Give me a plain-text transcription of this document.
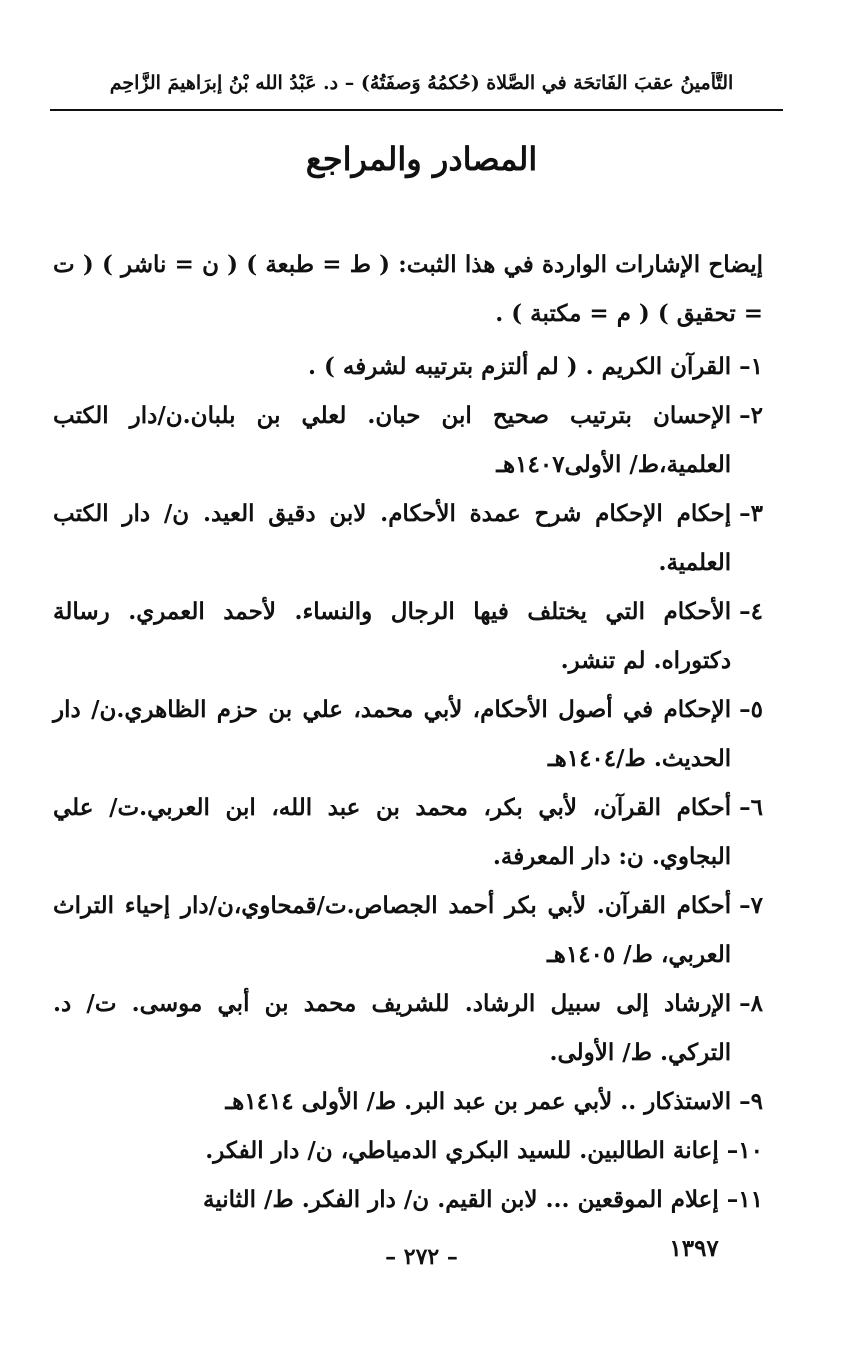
التَّأمينُ عقبَ الفَاتحَة في الصَّلاة (حُكمُهُ وَصفَتُهُ) – د. عَبْدُ الله بْنُ إبرَاهيمَ الزَّاحِم
المصادر والمراجع

إيضاح الإشارات الواردة في هذا الثبت: ( ط = طبعة ) ( ن = ناشر ) ( ت = تحقيق ) ( م = مكتبة ) .

١–
القرآن الكريم . ( لم ألتزم بترتيبه لشرفه ) .
٢–
الإحسان بترتيب صحيح ابن حبان. لعلي بن بلبان.ن/دار الكتب العلمية،ط/ الأولى١٤٠٧هـ
٣–
إحكام الإحكام شرح عمدة الأحكام. لابن دقيق العيد. ن/ دار الكتب العلمية.
٤–
الأحكام التي يختلف فيها الرجال والنساء. لأحمد العمري. رسالة دكتوراه. لم تنشر.
٥–
الإحكام في أصول الأحكام، لأبي محمد، علي بن حزم الظاهري.ن/ دار الحديث. ط/١٤٠٤هـ
٦–
أحكام القرآن، لأبي بكر، محمد بن عبد الله، ابن العربي.ت/ علي البجاوي. ن: دار المعرفة.
٧–
أحكام القرآن. لأبي بكر أحمد الجصاص.ت/قمحاوي،ن/دار إحياء التراث العربي، ط/ ١٤٠٥هـ
٨–
الإرشاد إلى سبيل الرشاد. للشريف محمد بن أبي موسى. ت/ د. التركي. ط/ الأولى.
٩–
الاستذكار .. لأبي عمر بن عبد البر. ط/ الأولى ١٤١٤هـ
١٠–
إعانة الطالبين. للسيد البكري الدمياطي، ن/ دار الفكر.
١١–
إعلام الموقعين ... لابن القيم. ن/ دار الفكر. ط/ الثانية ١٣٩٧
– ٢٧٢ –
